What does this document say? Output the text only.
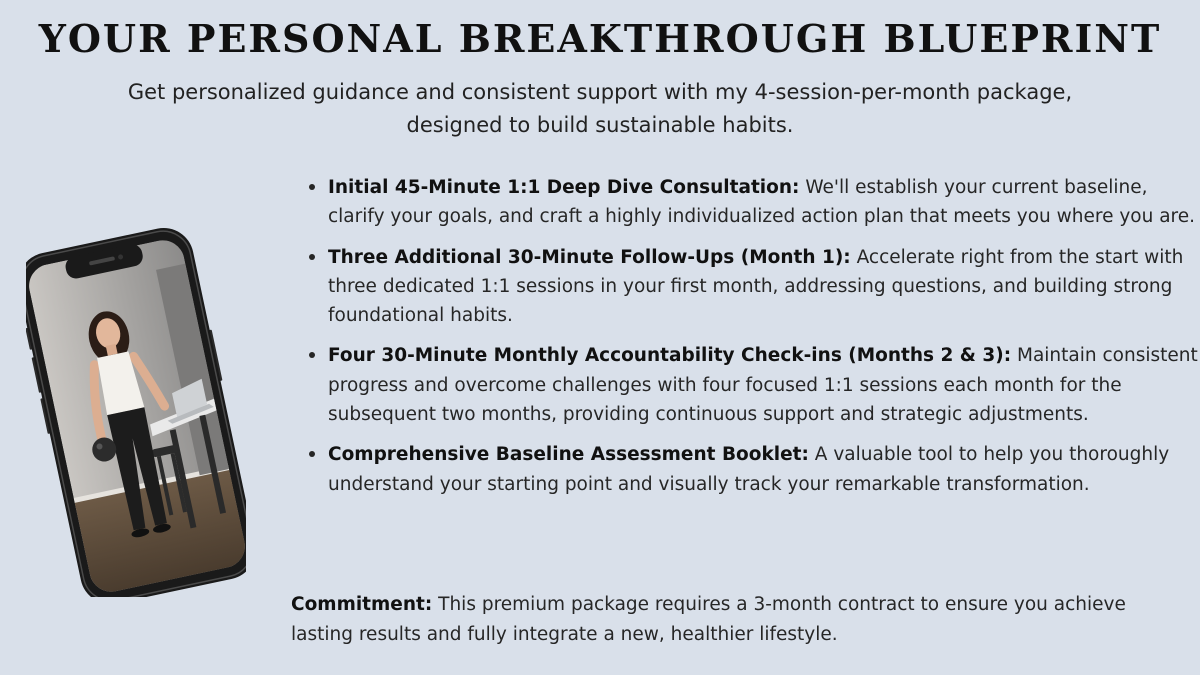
YOUR PERSONAL BREAKTHROUGH BLUEPRINT

Get personalized guidance and consistent support with my 4-session-per-month package, designed to build sustainable habits.

• Initial 45-Minute 1:1 Deep Dive Consultation: We'll establish your current baseline, clarify your goals, and craft a highly individualized action plan that meets you where you are.
• Three Additional 30-Minute Follow-Ups (Month 1): Accelerate right from the start with three dedicated 1:1 sessions in your first month, addressing questions, and building strong foundational habits.
• Four 30-Minute Monthly Accountability Check-ins (Months 2 & 3): Maintain consistent progress and overcome challenges with four focused 1:1 sessions each month for the subsequent two months, providing continuous support and strategic adjustments.
• Comprehensive Baseline Assessment Booklet: A valuable tool to help you thoroughly understand your starting point and visually track your remarkable transformation.

Commitment: This premium package requires a 3-month contract to ensure you achieve lasting results and fully integrate a new, healthier lifestyle.
